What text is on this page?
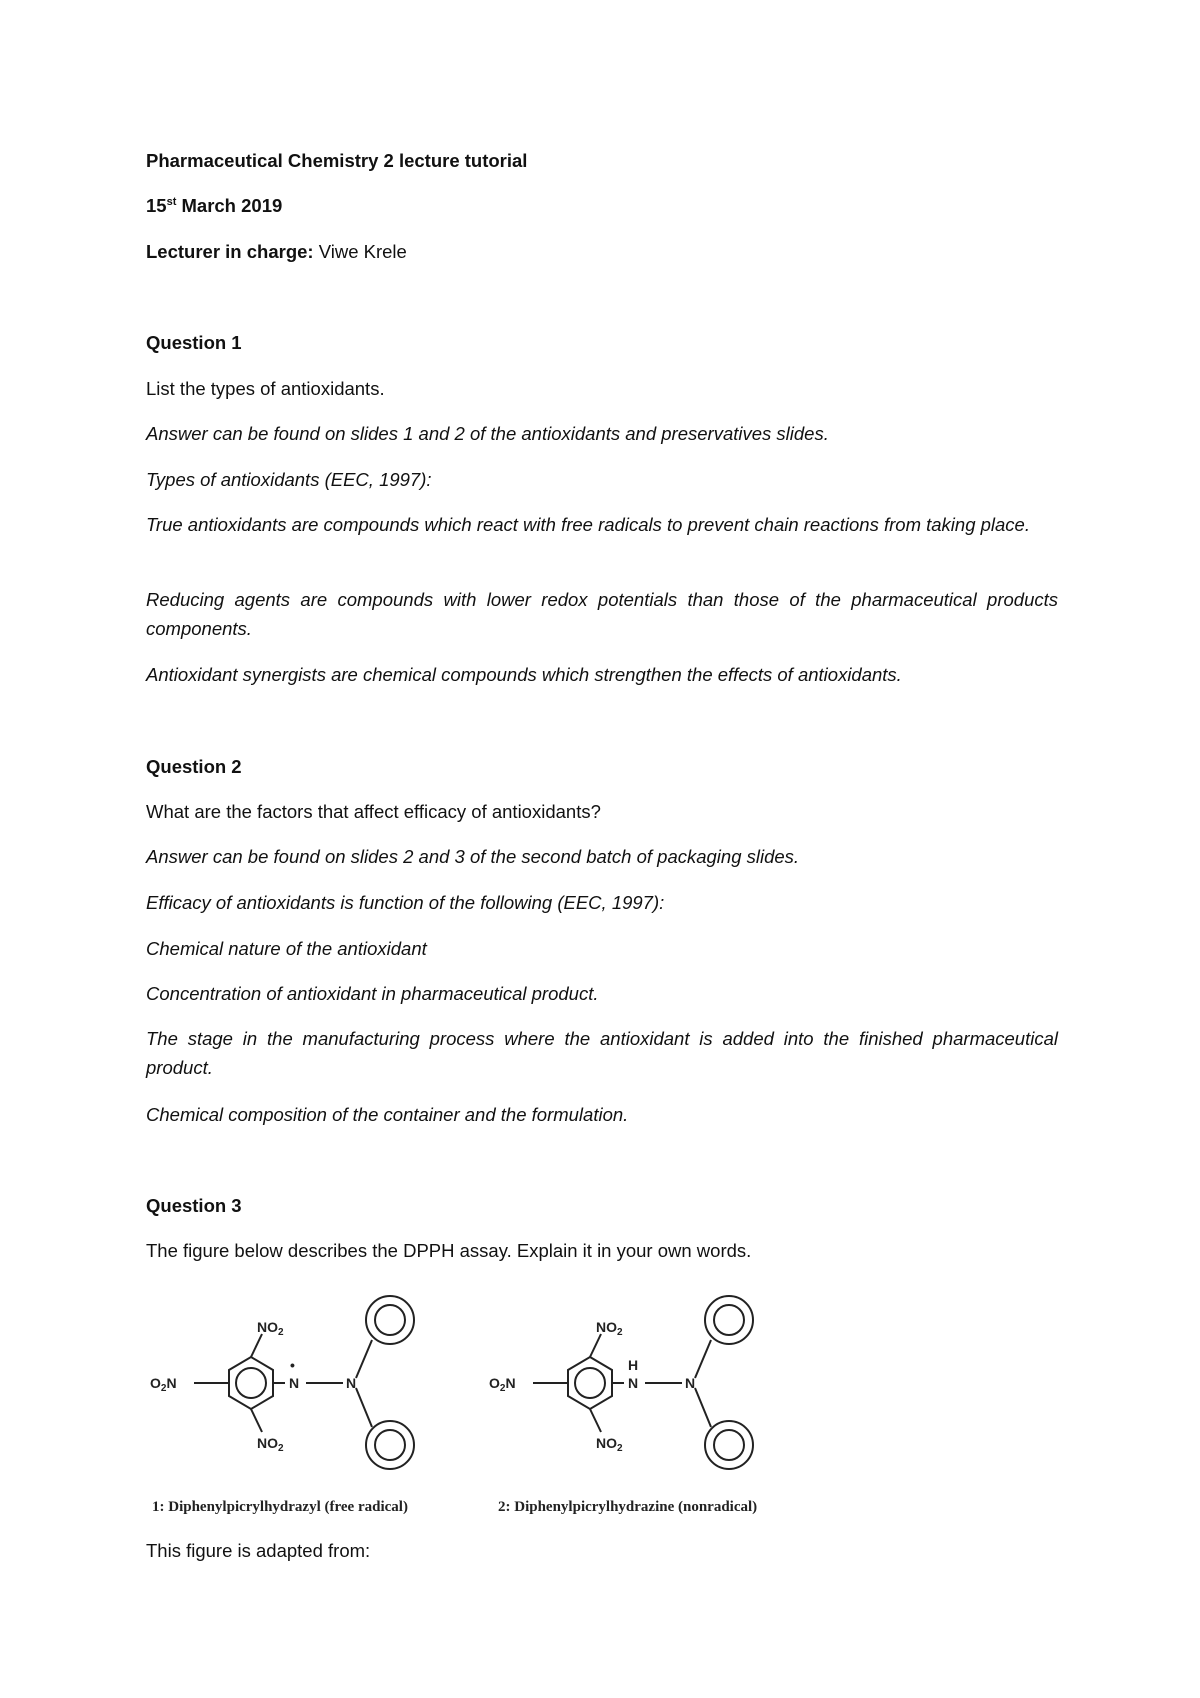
Pharmaceutical Chemistry 2 lecture tutorial
15st March 2019
Lecturer in charge: Viwe Krele
Question 1
List the types of antioxidants.
Answer can be found on slides 1 and 2 of the antioxidants and preservatives slides.
Types of antioxidants (EEC, 1997):
True antioxidants are compounds which react with free radicals to prevent chain reactions from taking place.
Reducing agents are compounds with lower redox potentials than those of the pharmaceutical products components.
Antioxidant synergists are chemical compounds which strengthen the effects of antioxidants.
Question 2
What are the factors that affect efficacy of antioxidants?
Answer can be found on slides 2 and 3 of the second batch of packaging slides.
Efficacy of antioxidants is function of the following (EEC, 1997):
Chemical nature of the antioxidant
Concentration of antioxidant in pharmaceutical product.
The stage in the manufacturing process where the antioxidant is added into the finished pharmaceutical product.
Chemical composition of the container and the formulation.
Question 3
The figure below describes the DPPH assay. Explain it in your own words.
$NO_2$
$NO_2$
$O_2N$	N
•
N
$NO_2$
$NO_2$
$O_2N$
H
N	N
1: Diphenylpicrylhydrazyl (free radical)	2: Diphenylpicrylhydrazine (nonradical)
This figure is adapted from:
